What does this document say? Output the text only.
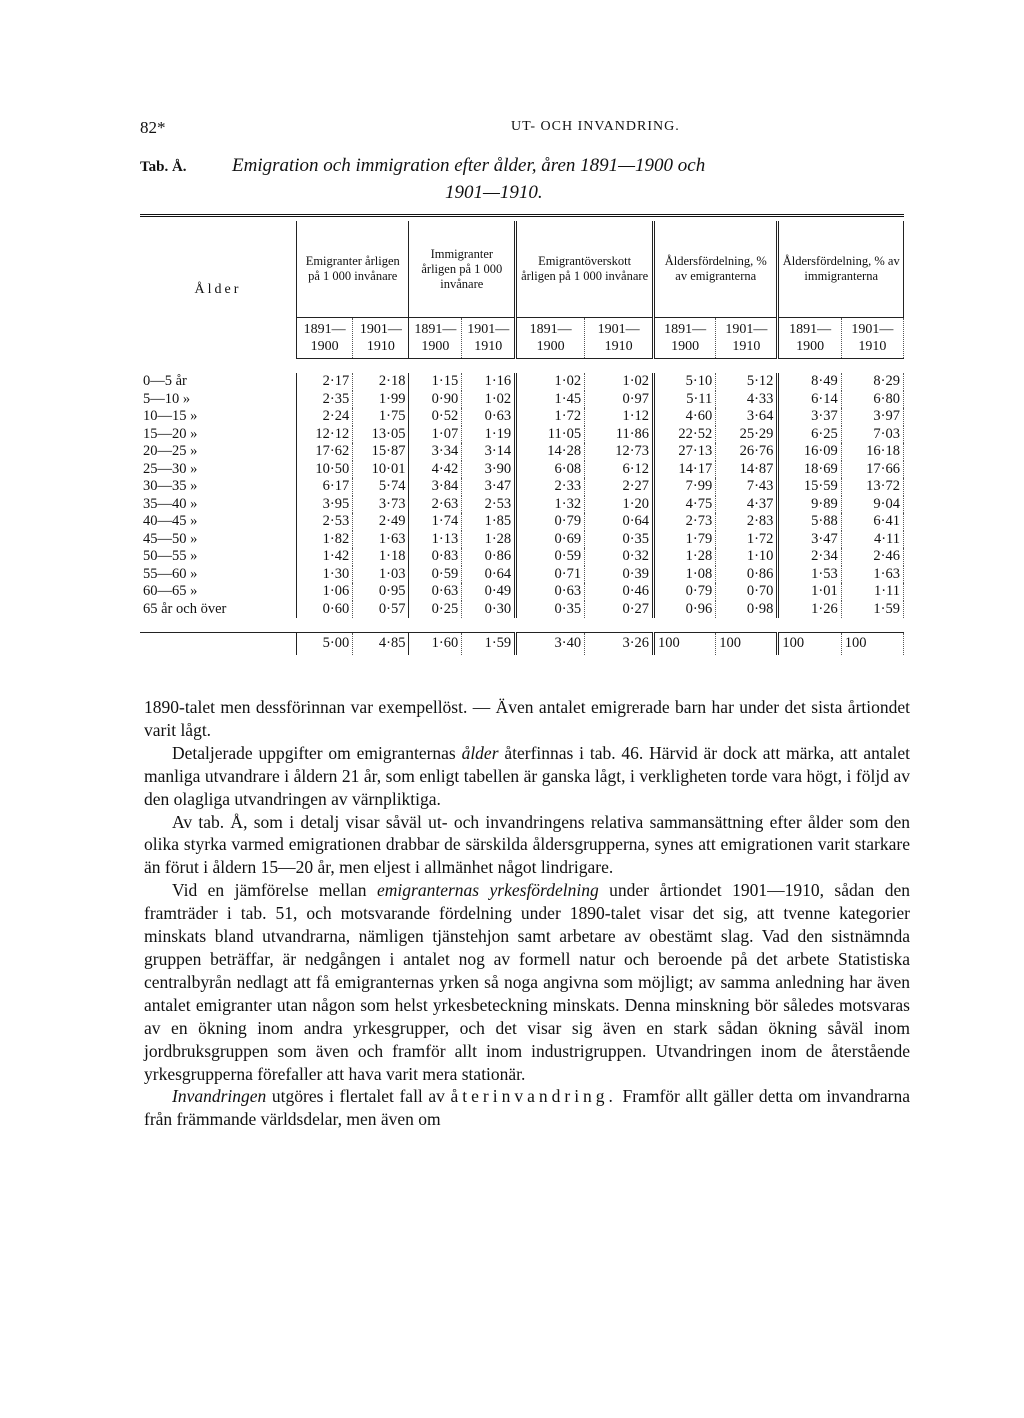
82*	UT- OCH INVANDRING.
Tab. Å. Emigration och immigration efter ålder, åren 1891—1900 och
1901—1910.

Ålder	Emigranter årligen på 1 000 invånare		Immigranter årligen på 1 000 invånare		Emigrantöverskott årligen på 1 000 invånare		Åldersfördelning, % av emigranterna		Åldersfördelning, % av immigranterna	
	1891—1900	1901—1910	1891—1900	1901—1910	1891—1900	1901—1910	1891—1900	1901—1910	1891—1900	1901—1910

0—5 år	2·17	2·18	1·15	1·16	1·02	1·02	5·10	5·12	8·49	8·29
5—10 »	2·35	1·99	0·90	1·02	1·45	0·97	5·11	4·33	6·14	6·80
10—15 »	2·24	1·75	0·52	0·63	1·72	1·12	4·60	3·64	3·37	3·97
15—20 »	12·12	13·05	1·07	1·19	11·05	11·86	22·52	25·29	6·25	7·03
20—25 »	17·62	15·87	3·34	3·14	14·28	12·73	27·13	26·76	16·09	16·18
25—30 »	10·50	10·01	4·42	3·90	6·08	6·12	14·17	14·87	18·69	17·66
30—35 »	6·17	5·74	3·84	3·47	2·33	2·27	7·99	7·43	15·59	13·72
35—40 »	3·95	3·73	2·63	2·53	1·32	1·20	4·75	4·37	9·89	9·04
40—45 »	2·53	2·49	1·74	1·85	0·79	0·64	2·73	2·83	5·88	6·41
45—50 »	1·82	1·63	1·13	1·28	0·69	0·35	1·79	1·72	3·47	4·11
50—55 »	1·42	1·18	0·83	0·86	0·59	0·32	1·28	1·10	2·34	2·46
55—60 »	1·30	1·03	0·59	0·64	0·71	0·39	1·08	0·86	1·53	1·63
60—65 »	1·06	0·95	0·63	0·49	0·63	0·46	0·79	0·70	1·01	1·11
65 år och över	0·60	0·57	0·25	0·30	0·35	0·27	0·96	0·98	1·26	1·59

	5·00	4·85	1·60	1·59	3·40	3·26	100	100	100	100

1890-talet men dessförinnan var exempellöst. — Även antalet emigrerade barn har under det sista årtiondet varit lågt.

Detaljerade uppgifter om emigranternas ålder återfinnas i tab. 46. Härvid är dock att märka, att antalet manliga utvandrare i åldern 21 år, som enligt tabellen är ganska lågt, i verkligheten torde vara högt, i följd av den olagliga utvandringen av värnpliktiga.

Av tab. Å, som i detalj visar såväl ut- och invandringens relativa sammansättning efter ålder som den olika styrka varmed emigrationen drabbar de särskilda åldersgrupperna, synes att emigrationen varit starkare än förut i åldern 15—20 år, men eljest i allmänhet något lindrigare.

Vid en jämförelse mellan emigranternas yrkesfördelning under årtiondet 1901—1910, sådan den framträder i tab. 51, och motsvarande fördelning under 1890-talet visar det sig, att tvenne kategorier minskats bland utvandrarna, nämligen tjänstehjon samt arbetare av obestämt slag. Vad den sistnämnda gruppen beträffar, är nedgången i antalet nog av formell natur och beroende på det arbete Statistiska centralbyrån nedlagt att få emigranternas yrken så noga angivna som möjligt; av samma anledning har även antalet emigranter utan någon som helst yrkesbeteckning minskats. Denna minskning bör således motsvaras av en ökning inom andra yrkesgrupper, och det visar sig även en stark sådan ökning såväl inom jordbruksgruppen som även och framför allt inom industrigruppen. Utvandringen inom de återstående yrkesgrupperna förefaller att hava varit mera stationär.

Invandringen utgöres i flertalet fall av återinvandring. Framför allt gäller detta om invandrarna från främmande världsdelar, men även om
